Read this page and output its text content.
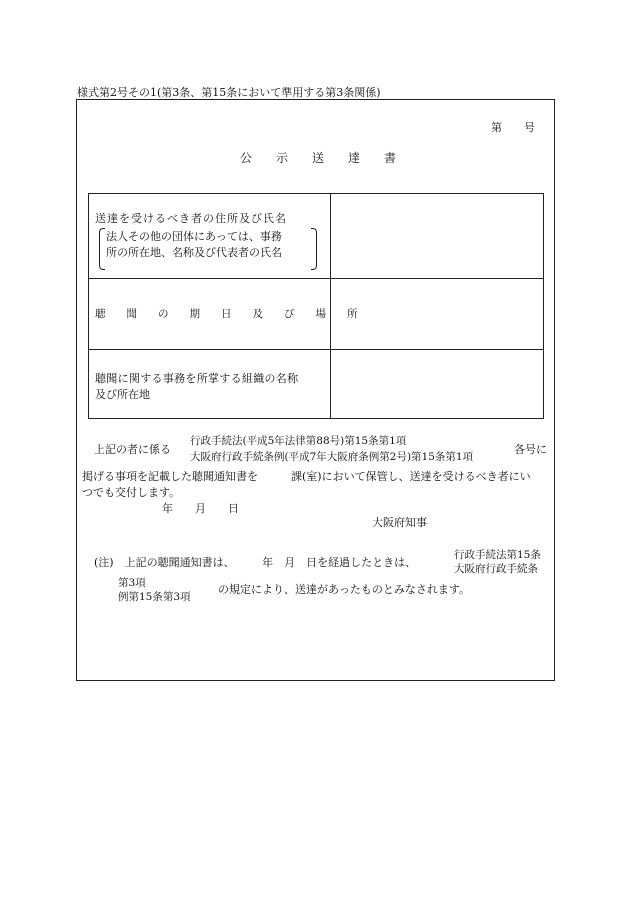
様式第2号その1(第3条、第15条において準用する第3条関係)
第　　号
公　　示　　送　　達　　書
送達を受けるべき者の住所及び氏名
法人その他の団体にあっては、事務
所の所在地、名称及び代表者の氏名
聴　　聞　　の　　期　　日　　及　　び　　場　　所
聴聞に関する事務を所掌する組織の名称
及び所在地
上記の者に係る
行政手続法(平成5年法律第88号)第15条第1項
大阪府行政手続条例(平成7年大阪府条例第2号)第15条第1項
各号に
掲げる事項を記載した聴聞通知書を　　　課(室)において保管し、送達を受けるべき者にい
つでも交付します。
年　　月　　日
大阪府知事
(注)　上記の聴聞通知書は、　　　年　月　日を経過したときは、
行政手続法第15条
大阪府行政手続条
第3項
例第15条第3項
の規定により、送達があったものとみなされます。
